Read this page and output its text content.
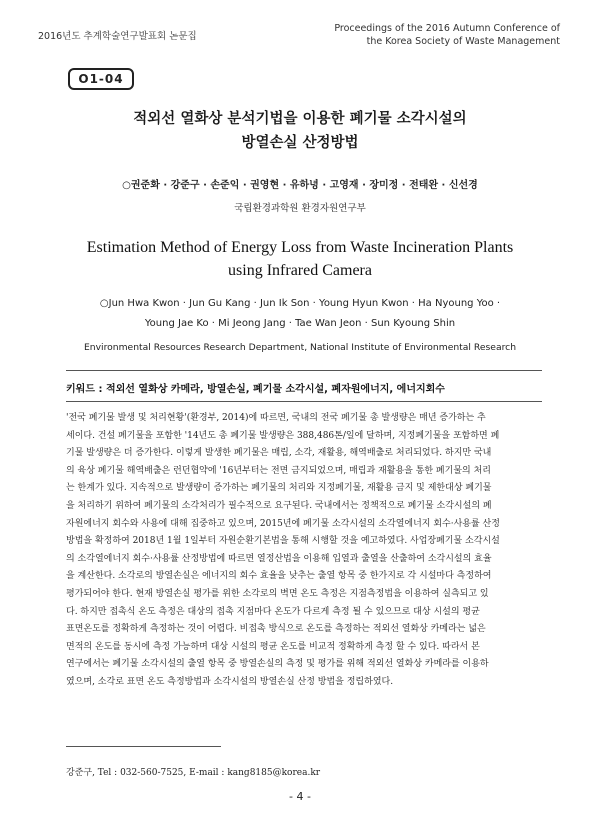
2016년도 추계학술연구발표회 논문집
Proceedings of the 2016 Autumn Conference of
the Korea Society of Waste Management
O1-04
적외선 열화상 분석기법을 이용한 폐기물 소각시설의
방열손실 산정방법
○권준화 · 강준구 · 손준익 · 권영현 · 유하녕 · 고영재 · 장미정 · 전태완 · 신선경
국립환경과학원 환경자원연구부
Estimation Method of Energy Loss from Waste Incineration Plants
using Infrared Camera
○Jun Hwa Kwon · Jun Gu Kang · Jun Ik Son · Young Hyun Kwon · Ha Nyoung Yoo ·
Young Jae Ko · Mi Jeong Jang · Tae Wan Jeon · Sun Kyoung Shin
Environmental Resources Research Department, National Institute of Environmental Research
키워드 : 적외선 열화상 카메라, 방열손실, 폐기물 소각시설, 폐자원에너지, 에너지회수
'전국 폐기물 발생 및 처리현황'(환경부, 2014)에 따르면, 국내의 전국 폐기물 총 발생량은 매년 증가하는 추
세이다. 건설 폐기물을 포함한 '14년도 총 폐기물 발생량은 388,486톤/일에 달하며, 지정폐기물을 포함하면 폐
기물 발생량은 더 증가한다. 이렇게 발생한 폐기물은 매립, 소각, 재활용, 해역배출로 처리되었다. 하지만 국내
의 육상 폐기물 해역배출은 런던협약에 '16년부터는 전면 금지되었으며, 매립과 재활용을 통한 폐기물의 처리
는 한계가 있다. 지속적으로 발생량이 증가하는 폐기물의 처리와 지정폐기물, 재활용 금지 및 제한대상 폐기물
을 처리하기 위하여 폐기물의 소각처리가 필수적으로 요구된다. 국내에서는 정책적으로 폐기물 소각시설의 폐
자원에너지 회수와 사용에 대해 집중하고 있으며, 2015년에 폐기물 소각시설의 소각열에너지 회수·사용률 산정
방법을 확정하여 2018년 1월 1일부터 자원순환기본법을 통해 시행할 것을 예고하였다. 사업장폐기물 소각시설
의 소각열에너지 회수·사용률 산정방법에 따르면 열정산법을 이용해 입열과 출열을 산출하여 소각시설의 효율
을 계산한다. 소각로의 방열손실은 에너지의 회수 효율을 낮추는 출열 항목 중 한가지로 각 시설마다 측정하여
평가되어야 한다. 현재 방열손실 평가를 위한 소각로의 벽면 온도 측정은 지점측정법을 이용하여 실측되고 있
다. 하지만 접촉식 온도 측정은 대상의 접촉 지점마다 온도가 다르게 측정 될 수 있으므로 대상 시설의 평균
표면온도를 정확하게 측정하는 것이 어렵다. 비접촉 방식으로 온도를 측정하는 적외선 열화상 카메라는 넓은
면적의 온도를 동시에 측정 가능하며 대상 시설의 평균 온도를 비교적 정확하게 측정 할 수 있다. 따라서 본
연구에서는 폐기물 소각시설의 출열 항목 중 방열손실의 측정 및 평가를 위해 적외선 열화상 카메라를 이용하
였으며, 소각로 표면 온도 측정방법과 소각시설의 방열손실 산정 방법을 정립하였다.
강준구, Tel : 032-560-7525, E-mail : kang8185@korea.kr
- 4 -
